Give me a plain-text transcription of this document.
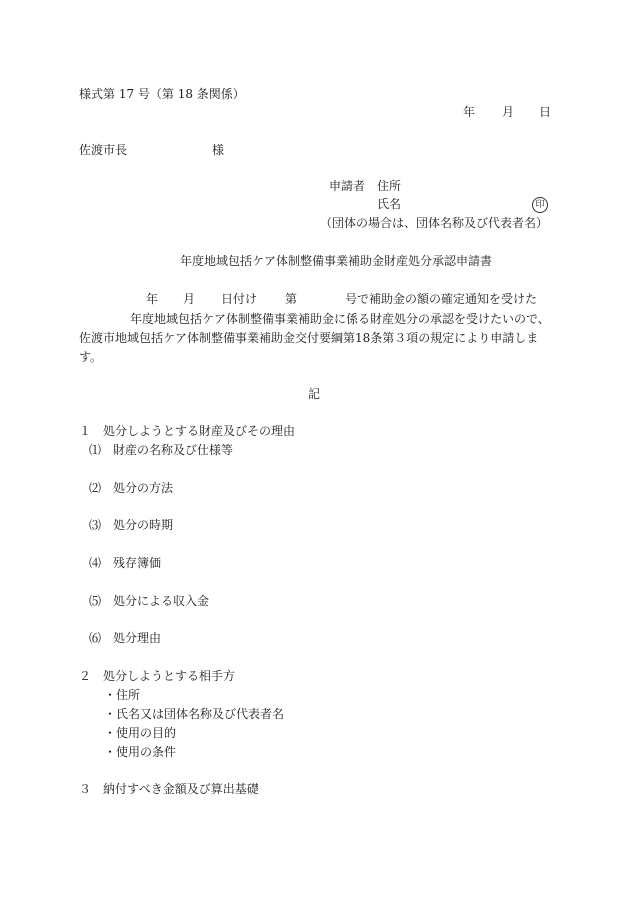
様式第 17 号（第 18 条関係）
年 月 日
佐渡市長	様
申請者 住所
氏名	印
（団体の場合は、団体名称及び代表者名）
年度地域包括ケア体制整備事業補助金財産処分承認申請書
年 月 日付け 第	号で補助金の額の確定通知を受けた
年度地域包括ケア体制整備事業補助金に係る財産処分の承認を受けたいので、
佐渡市地域包括ケア体制整備事業補助金交付要綱第18条第３項の規定により申請しま
す。
記
１　処分しようとする財産及びその理由
⑴　財産の名称及び仕様等
⑵　処分の方法
⑶　処分の時期
⑷　残存簿価
⑸　処分による収入金
⑹　処分理由
２　処分しようとする相手方
・住所
・氏名又は団体名称及び代表者名
・使用の目的
・使用の条件
３　納付すべき金額及び算出基礎
